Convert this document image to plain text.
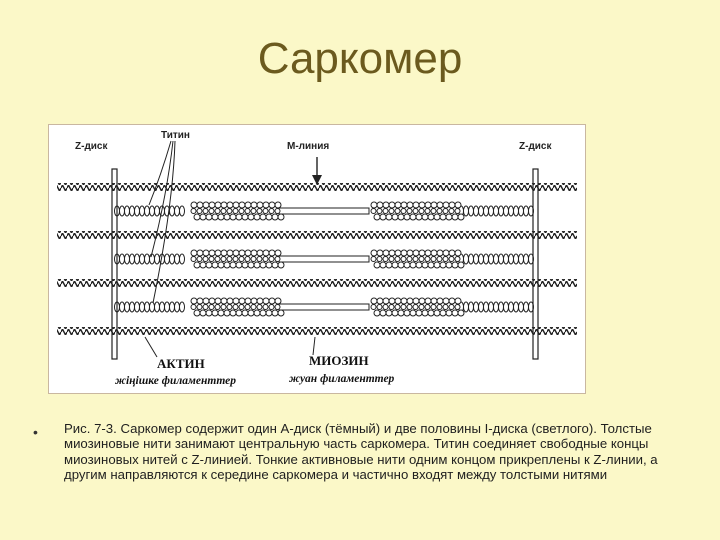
Саркомер
Z-диск
Титин
М-линия	Z-диск
АКТИН
жіңішке филаменттер
МИОЗИН
жуан филаменттер
• Рис. 7-3. Саркомер содержит один А-диск (тёмный) и две половины I-диска (светлого). Толстые миозиновые нити занимают центральную часть саркомера. Титин соединяет свободные концы миозиновых нитей с Z-линией. Тонкие активновые нити одним концом прикреплены к Z-линии, а другим направляются к середине саркомера и частично входят между толстыми нитями
